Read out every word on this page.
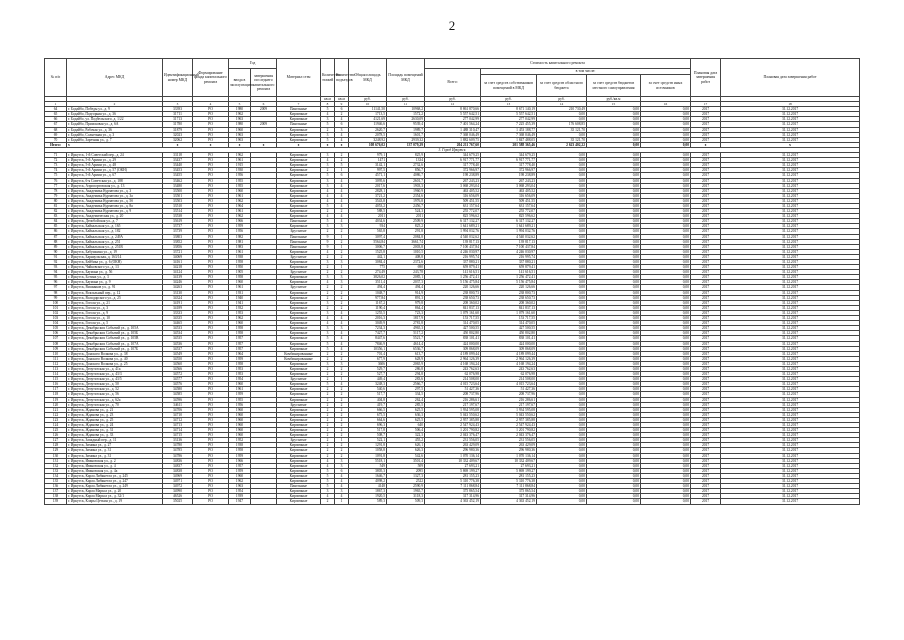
2
№ п/п	Адрес МКД	Идентификационный номер МКД	Формирование фонда капитального ремонта	Год		Материал стен	Количество этажей	Количество подъездов	Общая площадь МКД	Площадь помещений МКД	Стоимость капитального ремонта					Плановая дата завершения работ	Плановая дата завершения работ
				ввода в эксплуатацию	завершения последнего капитального ремонта						Всего:	в том числе:					
												за счет средств собственников помещений в МКД	за счет средств областного бюджета	за счет средств бюджетов местного самоуправления	за счет средств иных источников		
							кв.м	кв.м	руб.	руб.	руб.	руб.	руб.	руб./кв.м			
1	2	3	4	5	6	7	8	9	10	11	12	13	14	15	16	17	18
64	г. Бодайбо, Победы ул., д. 9	33393	РО	1980	2009	Панельные	5	6	11141,50	10968,2	8 861 870,66	8 671 140,19	210 730,49	0,00	0,00	2017	31.12.2017
65	г. Бодайбо, Подгорная ул., д. 36	31711	РО	1962		Кирпичные	4	2	1713,5	1572,2	5 557 642,51	5 557 642,51	0,00	0,00	0,00	2017	31.12.2017
66	г. Бодайбо, ул. Подбельского, д. 1/22	31713	РО	1963		Кирпичные	3	4	4121,69	2630,09	277 042,99	277 042,99	0,00	0,00	0,00	2017	31.12.2017
67	г. Бодайбо, Приисковая ул., д. 6А	31780	РО	1980	2009	Панельные	5	6	11946,6	9539,4	7 401 564,24	7 225 455,39	176 608,85	0,00	0,00	2017	31.12.2017
68	г. Бодайбо, Рабочая ул., д. 36	31879	РО	1960		Кирпичные	2	3	2620,7	1989,7	1 488 310,47	1 453 188,77	35 121,70	0,00	0,00	2017	31.12.2017
69	г. Бодайбо, Солнечная ул., д. 3	32023	РО	1963		Кирпичные	3	4	2078,5	1601,7	7 368 046,49	7 368 046,49	0,00	0,00	0,00	2017	31.12.2017
70	г. Бодайбо, Заречная ул., д. 7	32062	РО	1963		Кирпичные	5	4	3248,92	2939,32	1 882 609,75	1 847 488,05	35 121,70	0,00	0,00	2017	31.12.2017
Итого:	x	x	x	x	x	x	x	x	108 676,02	137 079,29	204 211 767,60	201 588 365,46	2 623 402,22	0,00	0,00	x	x
3. Город Иркутск																	
71	г. Иркутск, 1-й Советский пер., д. 24	33118	РО	1962		Кирпичные	3	2	979,1	825,9	344 679,25	344 679,25	0,00	0,00	0,00	2017	31.12.2017
72	г. Иркутск, 5-й Армии ул., д. 29	33437	РО	1961		Кирпичные	4	2	1471	1334	6 917 771,77	6 917 771,77	0,00	0,00	0,00	2017	31.12.2017
73	г. Иркутск, 5-й Армии ул., д. 48	33440	РО	1915		Кирпичные	3	5	3142,1	2732,6	317 778,40	317 778,40	0,00	0,00	0,00	2017	31.12.2017
74	г. Иркутск, 5-й Армии ул., д. 57 (ОКН)	33453	РО	1930		Кирпичные	2	1	997,5	856,7	372 966,97	372 966,97	0,00	0,00	0,00	2017	31.12.2017
75	г. Иркутск, 5-й Армии ул., д. 67	33455	РО	1956		Кирпичные	5	6	4571,1	4086,7	198 238,89	198 238,89	0,00	0,00	0,00	2017	31.12.2017
76	г. Иркутск, 6-я Советская ул., д. 188	33462	РО	1955		Кирпичные	3	4	3095,6	2601,7	267 243,23	267 243,23	0,00	0,00	0,00	2017	31.12.2017
77	г. Иркутск, Аэропортовская ул., д. 13	33480	РО	1955		Кирпичные	3	4	2017,6	1903,3	3 068 293,04	3 068 293,04	0,00	0,00	0,00	2017	31.12.2017
78	г. Иркутск, Академика Курчатова ул., д. 3	33500	РО	1960		Кирпичные	4	4	2828,1	1960,9	463 405,52	463 405,52	0,00	0,00	0,00	2017	31.12.2017
79	г. Иркутск, Академика Курчатова ул., д. 3а	33501	РО	1961		Кирпичные	4	4	3721,2	2354,6	316 656,09	316 656,09	0,00	0,00	0,00	2017	31.12.2017
80	г. Иркутск, Академика Курчатова ул., д. 5б	33503	РО	1962		Кирпичные	4	4	3543,8	1976,8	509 451,55	509 451,55	0,00	0,00	0,00	2017	31.12.2017
81	г. Иркутск, Академика Курчатова ул., д. 8а	33510	РО	1964		Кирпичные	5	4	4053,2	2456,7	631 157,64	631 157,64	0,00	0,00	0,00	2017	31.12.2017
82	г. Иркутск, Академика Курчатова ул., д. 9	33514	РО	1961		Кирпичные	2	2	588,5	524,3	255 772,07	255 772,07	0,00	0,00	0,00	2017	31.12.2017
83	г. Иркутск, Академическая ул., д. 20	33538	РО	1962		Кирпичные	4	4	2011	2011	825 596,62	825 596,62	0,00	0,00	0,00	2017	31.12.2017
84	г. Иркутск, Депобойская ул., д. 7	33619	РО	1966		Панельные	5	4	4034,6	2509,9	6 317 132,27	6 317 132,27	0,00	0,00	0,00	2017	31.12.2017
85	г. Иркутск, Байкальская ул., д. 165	33737	РО	1959		Кирпичные	3	3	934	825,2	1 641 689,21	1 641 689,21	0,00	0,00	0,00	2017	31.12.2017
86	г. Иркутск, Байкальская ул., д. 182	33739	РО	1956		Брусчатые	2	2	565,8	291,8	1 994 032,76	1 994 032,76	0,00	0,00	0,00	2017	31.12.2017
87	г. Иркутск, Байкальская ул., д. 249А	33803	РО	1982		Панельные	9	1	3097,4	2084,8	4 540 032,62	4 540 032,62	0,00	0,00	0,00	2017	31.12.2017
88	г. Иркутск, Байкальская ул., д. 251	33852	РО	1981		Панельные	9	2	5564,84	3661,74	139 817,13	139 817,13	0,00	0,00	0,00	2017	31.12.2017
89	г. Иркутск, Байкальская ул., д. 251В	33856	РО	1983		Панельные	9	1	3006,7	2003,8	7 100 437,84	7 100 437,84	0,00	0,00	0,00	2017	31.12.2017
90	г. Иркутск, Бабушкина ул., д. 19	33721	РО	1961		Кирпичные	4	2	1525,8	1010,5	4 246 030,97	4 246 030,97	0,00	0,00	0,00	2017	31.12.2017
91	г. Иркутск, Барнаульская, д. 163/14	34069	РО	1938		Брусчатые	2	2	442,1	408,8	216 995,74	216 995,74	0,00	0,00	0,00	2017	31.12.2017
92	г. Иркутск, Бейбика ул., д. 6 (ОКН)	34161	РО	1958		Кирпичные	3	3	3084,4	2372,6	337 880,21	337 880,21	0,00	0,00	0,00	2017	31.12.2017
93	г. Иркутск, Чайковского ул., д. 13	34218	РО	1950		Кирпичные	2	1	775	690	659 879,41	659 879,41	0,00	0,00	0,00	2017	31.12.2017
94	г. Иркутск, Баумана ул., д. 56	34124	РО	1905		Брусчатые	2	2	274,49	243,78	141 616,51	141 616,51	0,00	0,00	0,00	2017	31.12.2017
95	г. Иркутск, Ботина ул., д. 3	34139	РО	1958		Кирпичные	3	3	3826,02	2085,1	1 256 472,41	1 256 472,41	0,00	0,00	0,00	2017	31.12.2017
96	г. Иркутск, Баумана ул., д. 9	34246	РО	1960		Кирпичные	4	3	3511,4	2037,3	5 156 475,84	5 156 475,84	0,00	0,00	0,00	2017	31.12.2017
97	г. Иркутск, Вишняков ул., д. 91	34263	РО	1961		Брусчатые	2	2	494,4	494,4	220 126,66	220 126,66	0,00	0,00	0,00	2017	31.12.2017
98	г. Иркутск, Вокзальный пер., д. 12	33130	РО	1931		Кирпичные	2	2	1048,7	914,9	238 800,73	238 800,73	0,00	0,00	0,00	2017	31.12.2017
99	г. Иркутск, Володарского ул., д. 25	34324	РО	1940		Кирпичные	2	2	977,84	891,3	238 650,73	238 650,73	0,00	0,00	0,00	2017	31.12.2017
100	г. Иркутск, Гоголя ул., д. 21	34191	РО	1941		Кирпичные	3	2	1167,2	979,8	208 360,02	208 360,02	0,00	0,00	0,00	2017	31.12.2017
101	г. Иркутск, Гоголя ул., д. 3	34189	РО	1932		Кирпичные	2	2	1190,4	864,4	841 837,13	841 837,13	0,00	0,00	0,00	2017	31.12.2017
102	г. Иркутск, Гоголя ул., д. 9	33333	РО	1953		Кирпичные	3	4	1255,5	723,3	1 079 161,60	1 079 161,60	0,00	0,00	0,00	2017	31.12.2017
103	г. Иркутск, Гоголя ул., д. 10	34335	РО	1962		Кирпичные	4	4	2016,3	1817,9	153 717,55	153 717,55	0,00	0,00	0,00	2017	31.12.2017
104	г. Иркутск, Гоголя ул., д. 5	34465	РО	1960		Кирпичные	4	4	3049,9	2781,8	314 470,05	314 470,05	0,00	0,00	0,00	2017	31.12.2017
105	г. Иркутск, Декабрьских Событий ул., д. 105А	34533	РО	1958		Кирпичные	3	3	7234,3	4965,3	427 500,55	427 500,55	0,00	0,00	0,00	2017	31.12.2017
106	г. Иркутск, Декабрьских Событий ул., д. 105Б	34534	РО	1958		Кирпичные	3	4	7427,7	5117,2	450 802,80	450 802,80	0,00	0,00	0,00	2017	31.12.2017
107	г. Иркутск, Декабрьских Событий ул., д. 105В	34535	РО	1957		Кирпичные	5	4	8447,6	5521,7	838 101,41	838 101,41	0,00	0,00	0,00	2017	31.12.2017
108	г. Иркутск, Декабрьских Событий ул., д. 107А	34536	РО	1957		Кирпичные	5	4	7846,9	4614,4	424 000,00	424 000,00	0,00	0,00	0,00	2017	31.12.2017
109	г. Иркутск, Декабрьских Событий ул., д. 107Б	34537	РО	1957		Кирпичные	5	4	10356,1	6536,7	309 868,09	309 868,09	0,00	0,00	0,00	2017	31.12.2017
110	г. Иркутск, Донского Волкова ул., д. 38	34549	РО	1964		Комбинированные	2	2	701,4	613,7	4 189 099,44	4 189 099,44	0,00	0,00	0,00	2017	31.12.2017
111	г. Иркутск, Донского Волкова ул., д. 40	34550	РО	1959		Комбинированные	2	2	677,9	628,9	2 964 126,39	2 964 126,39	0,00	0,00	0,00	2017	31.12.2017
112	г. Иркутск, Донского Волкова ул., д. 25	34560	РО	1958		Кирпичные	3	3	3606	2065,9	4 168 194,24	4 168 194,24	0,00	0,00	0,00	2017	31.12.2017
113	г. Иркутск, Депутатская ул., д. 41а	34566	РО	1953		Кирпичные	2	2	529,7	286,8	243 762,63	243 762,63	0,00	0,00	0,00	2017	31.12.2017
114	г. Иркутск, Депутатская ул., д. 43/3	34572	РО	1953		Кирпичные	2	2	527,7	294,8	62 076,98	62 076,98	0,00	0,00	0,00	2017	31.12.2017
115	г. Иркутск, Депутатская ул., д. 43/5	34577	РО	1954		Брусчатые	2	1	449,4	283,6	214 508,00	214 508,00	0,00	0,00	0,00	2017	31.12.2017
116	г. Иркутск, Депутатская ул., д. 50	34576	РО	1960		Кирпичные	5	4	3248,3	2566,7	4 015 723,64	4 015 723,64	0,00	0,00	0,00	2017	31.12.2017
117	г. Иркутск, Депутатская ул., д. 52	34580	РО	1961		Кирпичные	2	2	540,6	297,5	51 427,36	51 427,36	0,00	0,00	0,00	2017	31.12.2017
118	г. Иркутск, Депутатская ул., д. 56	34585	РО	1959		Кирпичные	2	2	517,7	334,5	208 737,96	208 737,96	0,00	0,00	0,00	2017	31.12.2017
119	г. Иркутск, Депутатская ул., д. 62а	34596	РО	1955		Кирпичные	2	2	404,8	262,4	216 286,61	216 286,61	0,00	0,00	0,00	2017	31.12.2017
120	г. Иркутск, Депутатская ул., д. 70	34611	РО	1956		Брусчатые	2	2	419,7	285,5	217 197,67	217 197,67	0,00	0,00	0,00	2017	31.12.2017
121	г. Иркутск, Жданова ул., д. 21	34706	РО	1960		Кирпичные	2	2	666,5	625,5	1 934 595,08	1 934 595,08	0,00	0,00	0,00	2017	31.12.2017
122	г. Иркутск, Жданова ул., д. 23	34710	РО	1960		Кирпичные	2	2	675,5	636,3	5 043 550,62	5 043 550,62	0,00	0,00	0,00	2017	31.12.2017
123	г. Иркутск, Жданова ул., д. 25	34712	РО	1960		Кирпичные	2	2	664,6	625,5	2 957 385,88	2 957 385,88	0,00	0,00	0,00	2017	31.12.2017
124	г. Иркутск, Жданова ул., д. 24	34713	РО	1960		Кирпичные	2	2	696,3	640	2 547 924,43	2 547 924,43	0,00	0,00	0,00	2017	31.12.2017
125	г. Иркутск, Жданова ул., д. 31	34714	РО	1960		Кирпичные	2	2	517,8	506,4	1 201 790,82	1 201 790,82	0,00	0,00	0,00	2017	31.12.2017
126	г. Иркутск, Жданова ул., д. 33	34715	РО	1960		Кирпичные	2	2	508,7	322,3	2 043 376,47	2 043 376,47	0,00	0,00	0,00	2017	31.12.2017
127	г. Иркутск, Западный пер., д. 11	33136	РО	1952		Брусчатые	2	1	522,1	455,2	231 556,05	231 556,05	0,00	0,00	0,00	2017	31.12.2017
128	г. Иркутск, Зимина ул., д. 27	34780	РО	1938		Кирпичные	2	2	1291,8	626,1	263 429,09	263 429,09	0,00	0,00	0,00	2017	31.12.2017
129	г. Иркутск, Зимина ул., д. 31	34785	РО	1958		Кирпичные	2	2	1058,8	626,3	296 980,36	296 980,36	0,00	0,00	0,00	2017	31.12.2017
130	г. Иркутск, Зимина ул., д. 31	34786	РО	1959		Кирпичные	2	2	1091,8	542,6	1 070 136,14	1 070 136,14	0,00	0,00	0,00	2017	31.12.2017
131	г. Иркутск, Ивановская ул., д. 2	34836	РО	1966		Кирпичные	4	3	5518,1	3501,4	10 332 409,67	10 332 409,67	0,00	0,00	0,00	2017	31.12.2017
132	г. Иркутск, Ивановская ул., д. 4	34837	РО	1957		Кирпичные	4	3	549	509	27 693,21	27 693,21	0,00	0,00	0,00	2017	31.12.2017
133	г. Иркутск, Ивановская ул., д. 4а	34838	РО	1959		Кирпичные	5	6	3805,3	2095	5 869 199,27	5 869 199,27	0,00	0,00	0,00	2017	31.12.2017
134	г. Иркутск, Карла Либкнехта ул., д. 245	34969	РО	1960		Кирпичные	5	4	1646,7	1327,3	281 155,23	281 155,23	0,00	0,00	0,00	2017	31.12.2017
135	г. Иркутск, Карла Либкнехта ул., д. 247	34971	РО	1962		Кирпичные	5	4	4098,2	2522	5 310 776,38	5 310 776,38	0,00	0,00	0,00	2017	31.12.2017
136	г. Иркутск, Карла Либкнехта ул., д. 249	34972	РО	1963		Панельные	5	4	4148	2590,9	7 111 868,84	7 111 868,84	0,00	0,00	0,00	2017	31.12.2017
137	г. Иркутск, Карла Маркса ул., д. 20	34990	РО	1954		Кирпичные	3	3	1867,3	1965,7	375 865,54	375 865,54	0,00	0,00	0,00	2017	31.12.2017
138	г. Иркутск, Карла Маркса ул., д. 32/1	46526	РО	1939		Кирпичные	4	4	1920,5	3118,3	317 314,96	317 314,96	0,00	0,00	0,00	2017	31.12.2017
139	г. Иркутск, Клары Цеткин ул., д. 19	35025	РО	1947		Кирпичные	2	1	589,3	509,3	4 363 452,19	4 363 452,19	0,00	0,00	0,00	2017	31.12.2017
